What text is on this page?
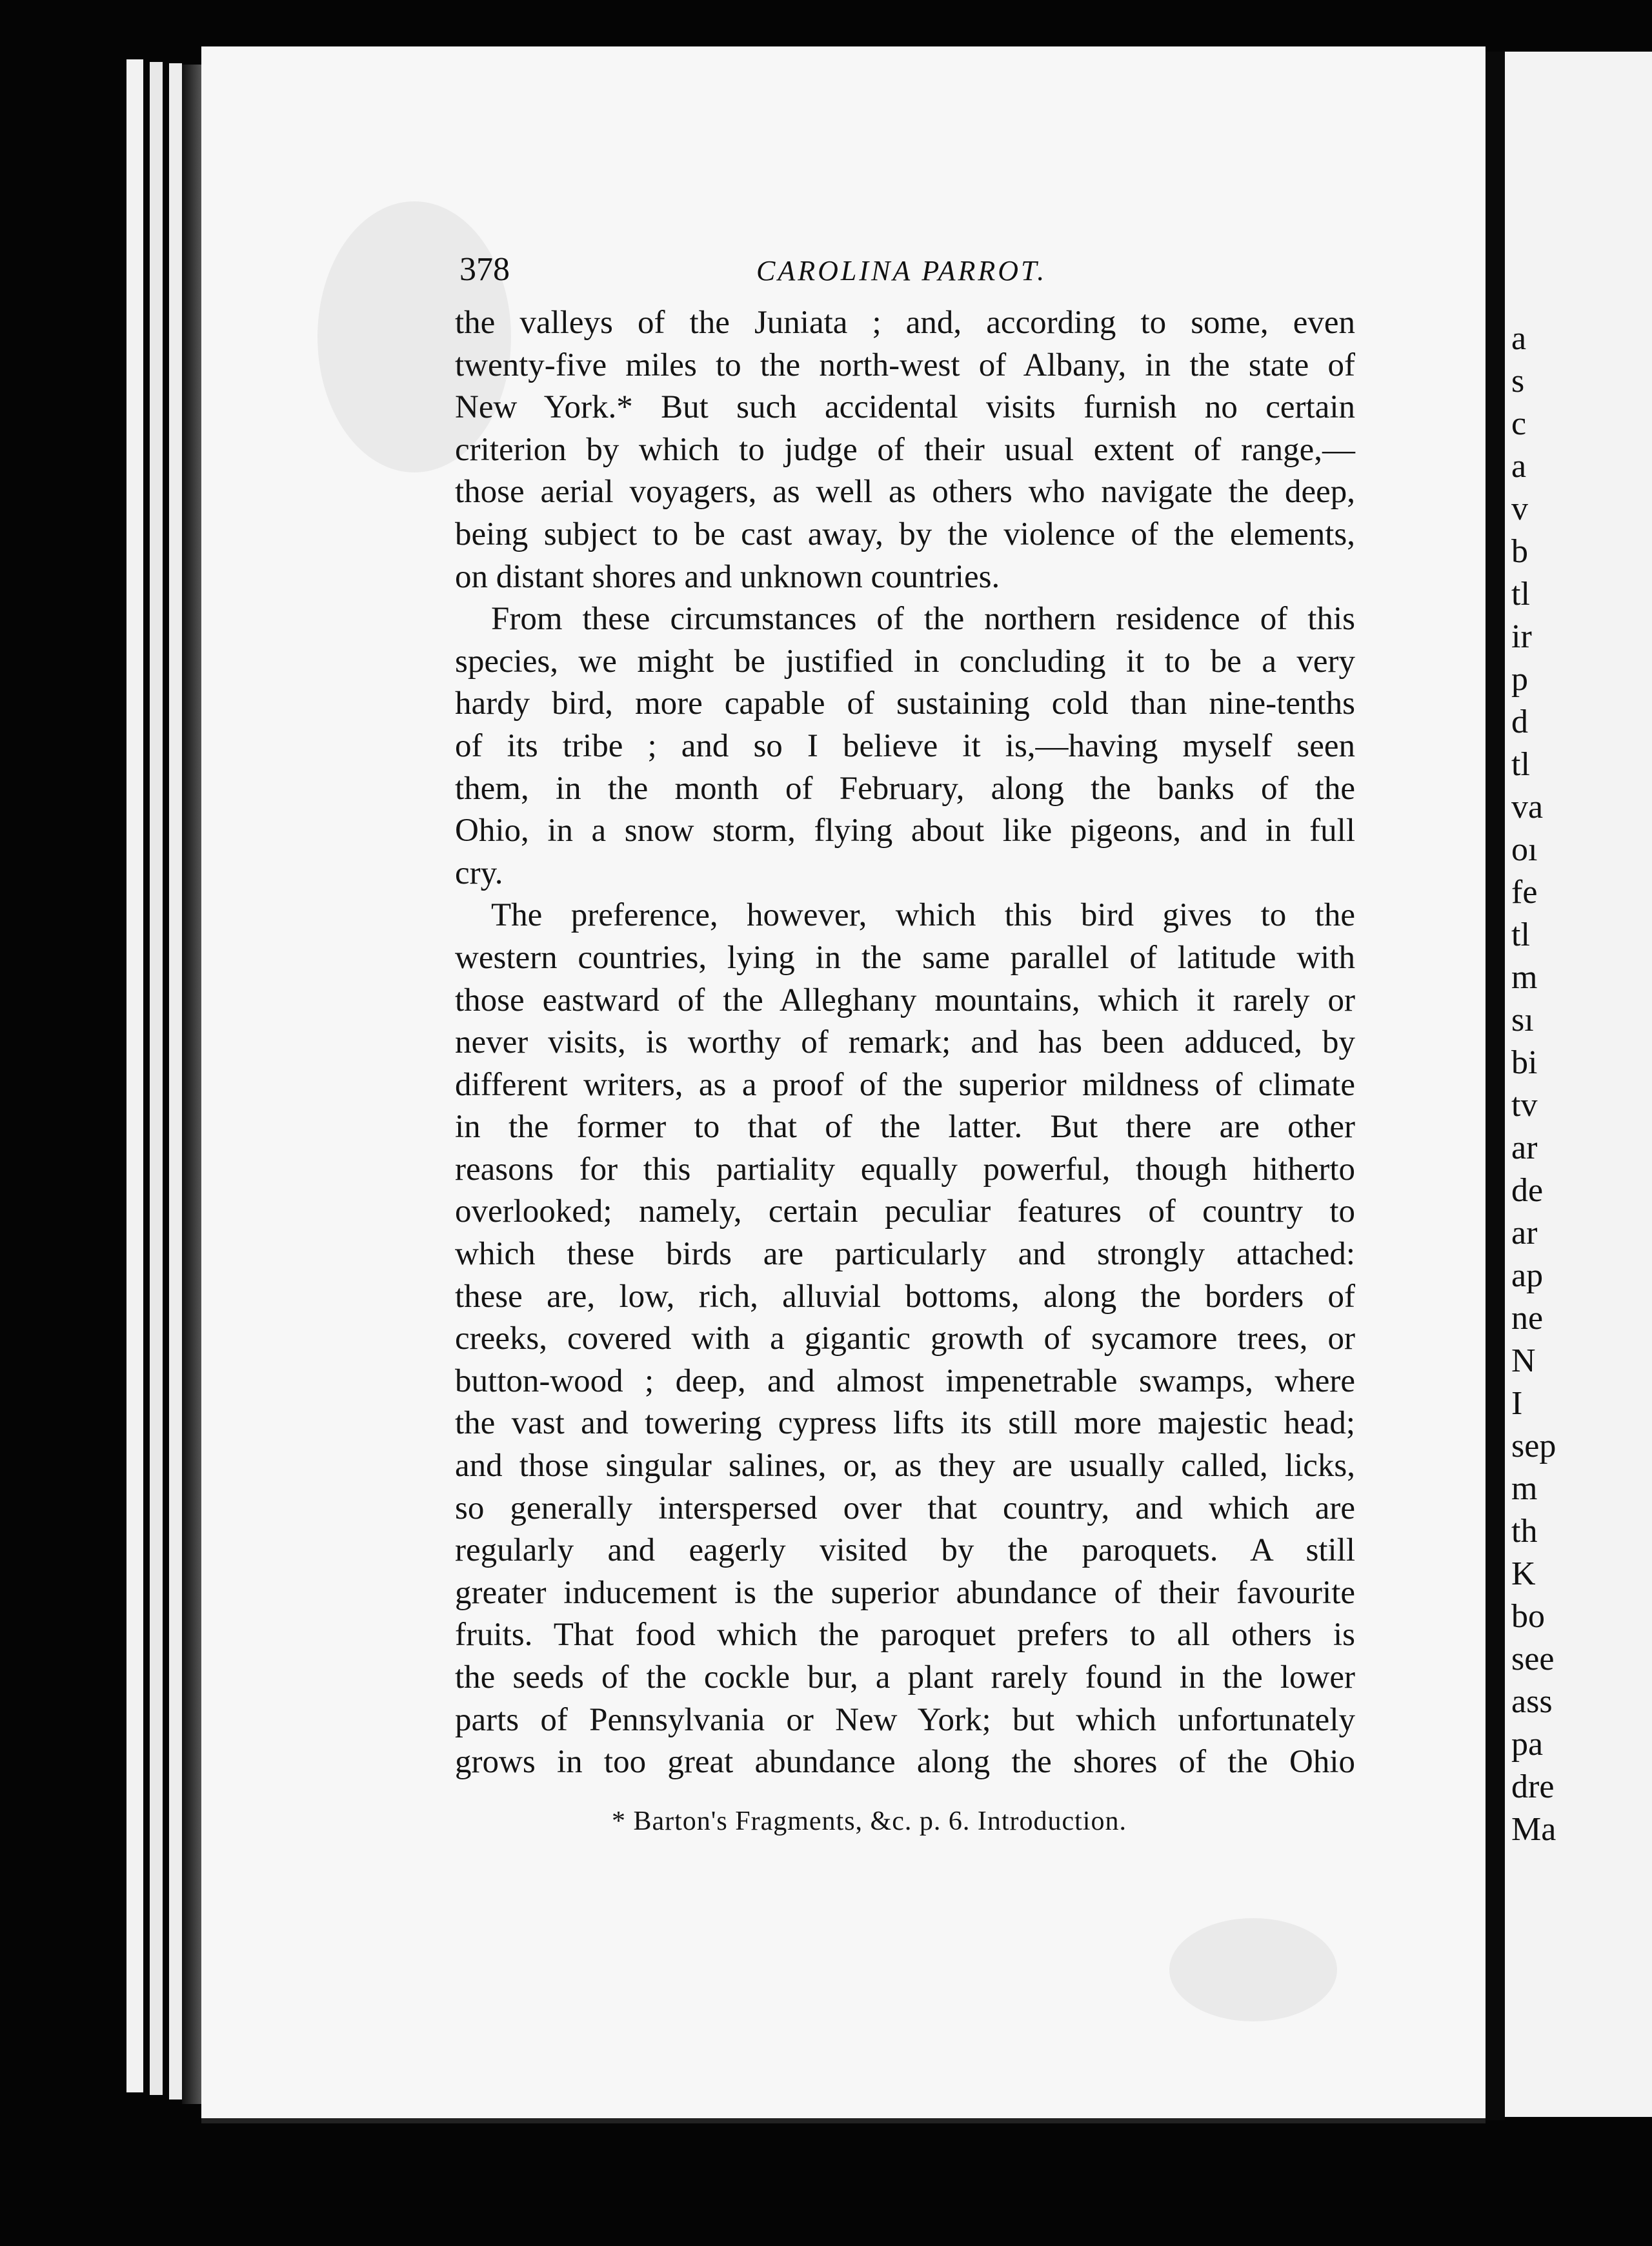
a
s
c
a
v
b
tl
ir
p
d
tl
va
oı
fe
tl
m
sı
bi
tv
ar
de
ar
ap
ne
N
I
sep
m
th
K
bo
see
ass
pa
dre
Ma
378	CAROLINA PARROT.
the valleys of the Juniata ; and, according to some, even
twenty-five miles to the north-west of Albany, in the state of
New York.* But such accidental visits furnish no certain
criterion by which to judge of their usual extent of range,—
those aerial voyagers, as well as others who navigate the deep,
being subject to be cast away, by the violence of the elements,
on distant shores and unknown countries.
From these circumstances of the northern residence of this
species, we might be justified in concluding it to be a very
hardy bird, more capable of sustaining cold than nine-tenths
of its tribe ; and so I believe it is,—having myself seen
them, in the month of February, along the banks of the
Ohio, in a snow storm, flying about like pigeons, and in full
cry.
The preference, however, which this bird gives to the
western countries, lying in the same parallel of latitude with
those eastward of the Alleghany mountains, which it rarely or
never visits, is worthy of remark; and has been adduced, by
different writers, as a proof of the superior mildness of climate
in the former to that of the latter. But there are other
reasons for this partiality equally powerful, though hitherto
overlooked; namely, certain peculiar features of country to
which these birds are particularly and strongly attached:
these are, low, rich, alluvial bottoms, along the borders of
creeks, covered with a gigantic growth of sycamore trees, or
button-wood ; deep, and almost impenetrable swamps, where
the vast and towering cypress lifts its still more majestic head;
and those singular salines, or, as they are usually called, licks,
so generally interspersed over that country, and which are
regularly and eagerly visited by the paroquets. A still
greater inducement is the superior abundance of their favourite
fruits. That food which the paroquet prefers to all others is
the seeds of the cockle bur, a plant rarely found in the lower
parts of Pennsylvania or New York; but which unfortunately
grows in too great abundance along the shores of the Ohio
* Barton's Fragments, &c. p. 6. Introduction.
